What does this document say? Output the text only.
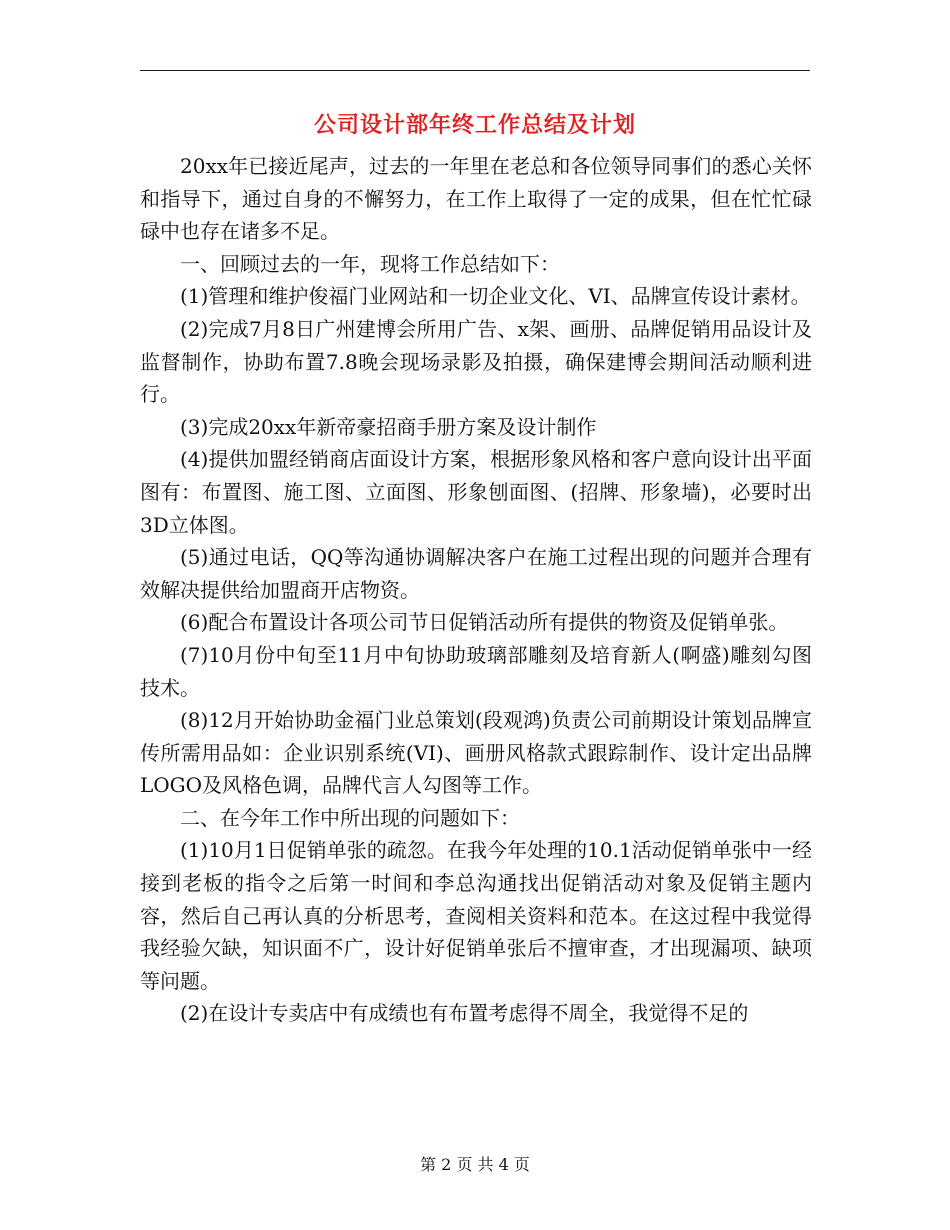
公司设计部年终工作总结及计划

20xx年已接近尾声，过去的一年里在老总和各位领导同事们的悉心关怀和指导下，通过自身的不懈努力，在工作上取得了一定的成果，但在忙忙碌碌中也存在诸多不足。

一、回顾过去的一年，现将工作总结如下：

(1)管理和维护俊福门业网站和一切企业文化、VI、品牌宣传设计素材。

(2)完成7月8日广州建博会所用广告、x架、画册、品牌促销用品设计及监督制作，协助布置7.8晚会现场录影及拍摄，确保建博会期间活动顺利进行。

(3)完成20xx年新帝豪招商手册方案及设计制作

(4)提供加盟经销商店面设计方案，根据形象风格和客户意向设计出平面图有：布置图、施工图、立面图、形象刨面图、(招牌、形象墙)，必要时出3D立体图。

(5)通过电话，QQ等沟通协调解决客户在施工过程出现的问题并合理有效解决提供给加盟商开店物资。

(6)配合布置设计各项公司节日促销活动所有提供的物资及促销单张。

(7)10月份中旬至11月中旬协助玻璃部雕刻及培育新人(啊盛)雕刻勾图技术。

(8)12月开始协助金福门业总策划(段观鸿)负责公司前期设计策划品牌宣传所需用品如：企业识别系统(VI)、画册风格款式跟踪制作、设计定出品牌LOGO及风格色调，品牌代言人勾图等工作。

二、在今年工作中所出现的问题如下：

(1)10月1日促销单张的疏忽。在我今年处理的10.1活动促销单张中一经接到老板的指令之后第一时间和李总沟通找出促销活动对象及促销主题内容，然后自己再认真的分析思考，查阅相关资料和范本。在这过程中我觉得我经验欠缺，知识面不广，设计好促销单张后不擅审查，才出现漏项、缺项等问题。

(2)在设计专卖店中有成绩也有布置考虑得不周全，我觉得不足的

第 2 页 共 4 页
